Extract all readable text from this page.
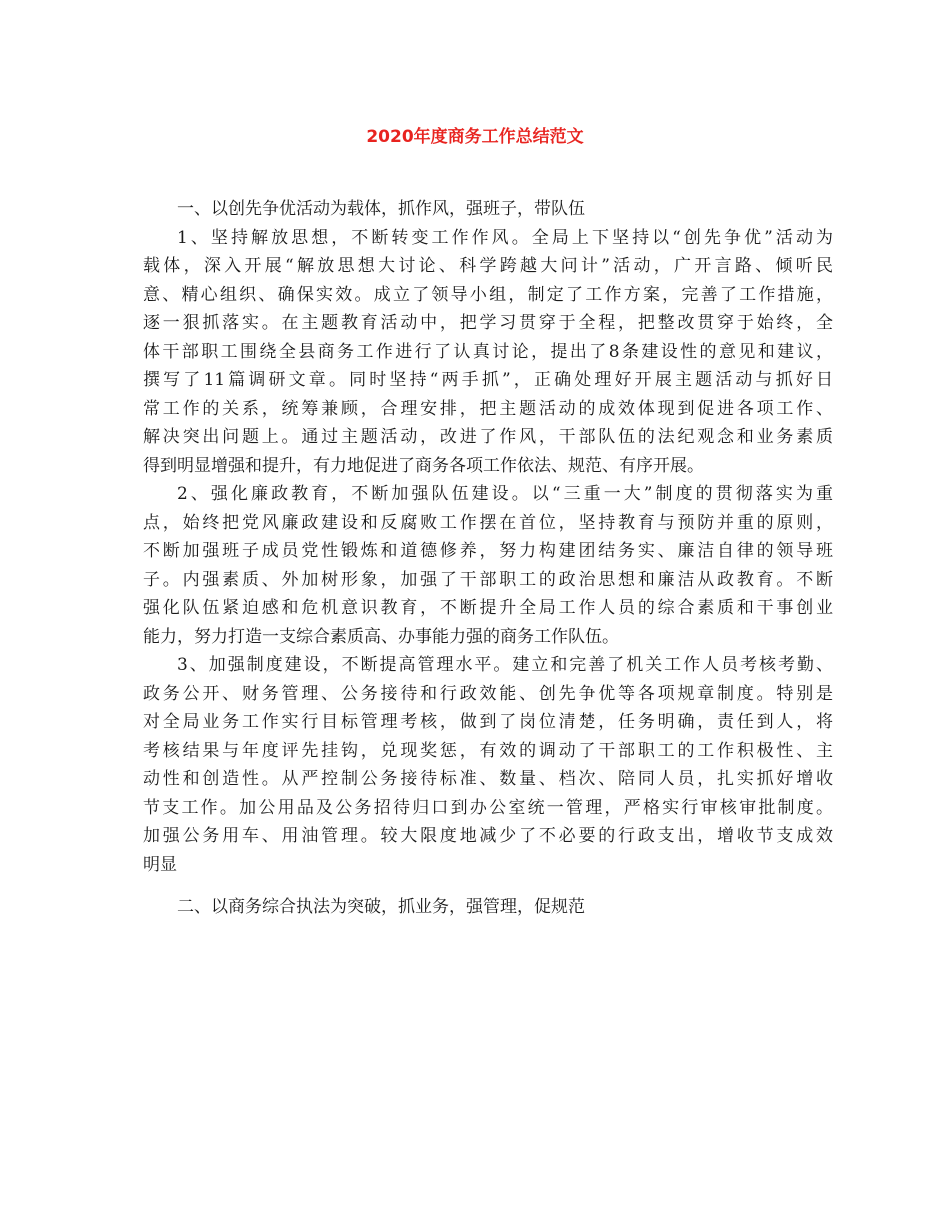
2020年度商务工作总结范文
一、以创先争优活动为载体，抓作风，强班子，带队伍
1、坚持解放思想，不断转变工作作风。全局上下坚持以“创先争优”活动为
载体，深入开展“解放思想大讨论、科学跨越大问计”活动，广开言路、倾听民
意、精心组织、确保实效。成立了领导小组，制定了工作方案，完善了工作措施，
逐一狠抓落实。在主题教育活动中，把学习贯穿于全程，把整改贯穿于始终，全
体干部职工围绕全县商务工作进行了认真讨论，提出了8条建设性的意见和建议，
撰写了11篇调研文章。同时坚持“两手抓”，正确处理好开展主题活动与抓好日
常工作的关系，统筹兼顾，合理安排，把主题活动的成效体现到促进各项工作、
解决突出问题上。通过主题活动，改进了作风，干部队伍的法纪观念和业务素质
得到明显增强和提升，有力地促进了商务各项工作依法、规范、有序开展。
2、强化廉政教育，不断加强队伍建设。以“三重一大”制度的贯彻落实为重
点，始终把党风廉政建设和反腐败工作摆在首位，坚持教育与预防并重的原则，
不断加强班子成员党性锻炼和道德修养，努力构建团结务实、廉洁自律的领导班
子。内强素质、外加树形象，加强了干部职工的政治思想和廉洁从政教育。不断
强化队伍紧迫感和危机意识教育，不断提升全局工作人员的综合素质和干事创业
能力，努力打造一支综合素质高、办事能力强的商务工作队伍。
3、加强制度建设，不断提高管理水平。建立和完善了机关工作人员考核考勤、
政务公开、财务管理、公务接待和行政效能、创先争优等各项规章制度。特别是
对全局业务工作实行目标管理考核，做到了岗位清楚，任务明确，责任到人，将
考核结果与年度评先挂钩，兑现奖惩，有效的调动了干部职工的工作积极性、主
动性和创造性。从严控制公务接待标准、数量、档次、陪同人员，扎实抓好增收
节支工作。加公用品及公务招待归口到办公室统一管理，严格实行审核审批制度。
加强公务用车、用油管理。较大限度地减少了不必要的行政支出，增收节支成效
明显
二、以商务综合执法为突破，抓业务，强管理，促规范
